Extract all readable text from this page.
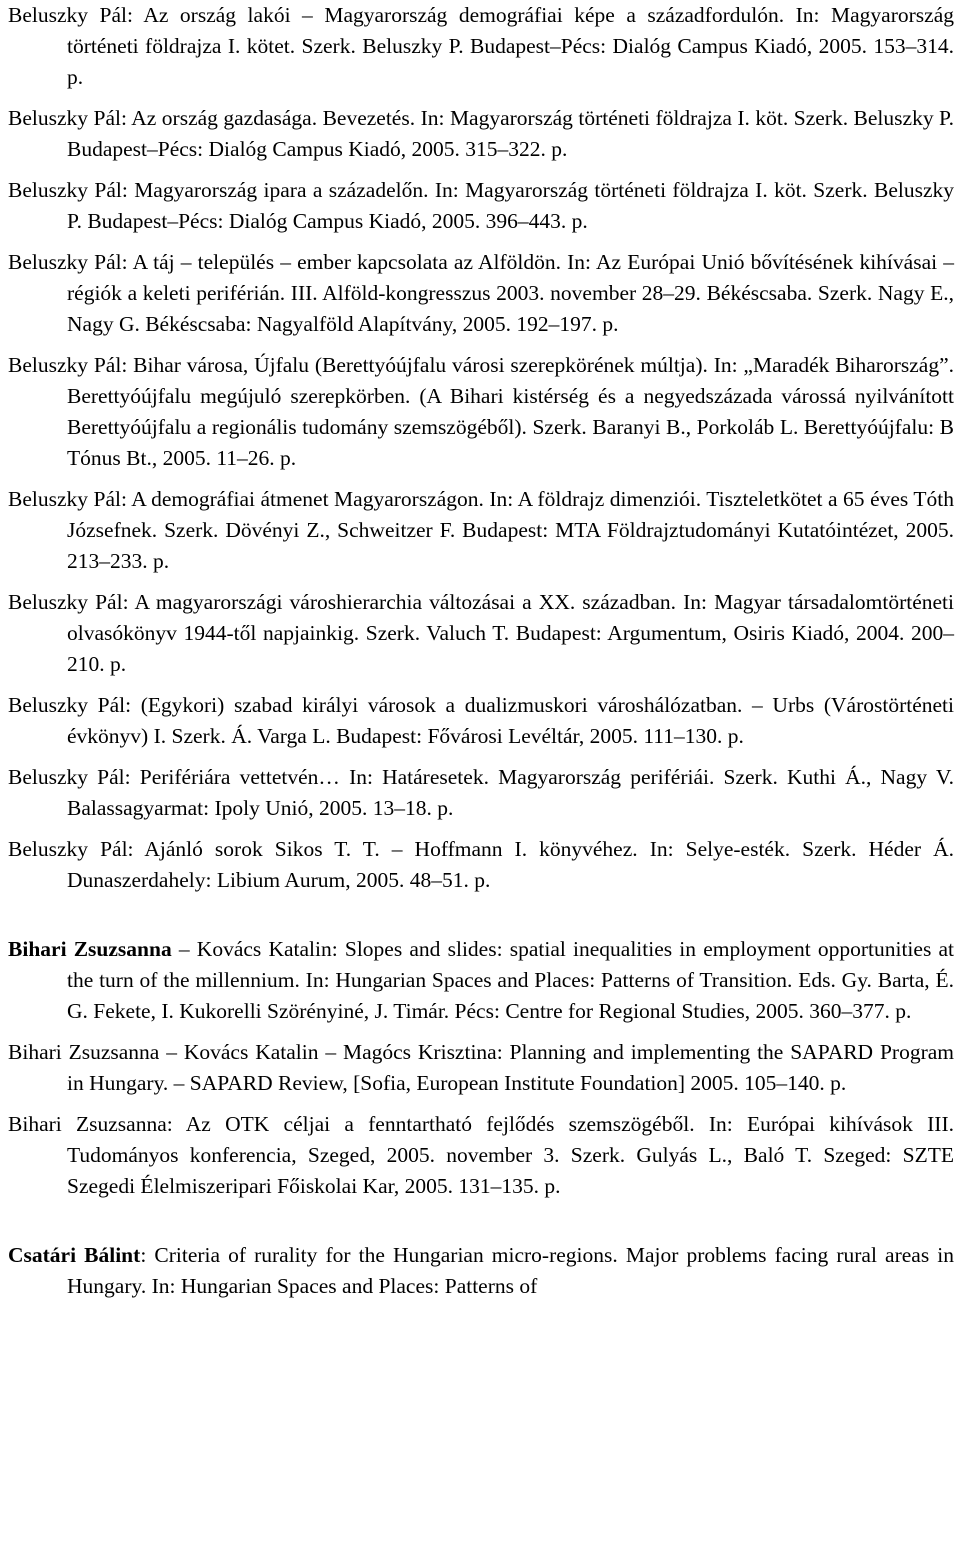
Beluszky Pál: Az ország lakói – Magyarország demográfiai képe a századfordulón. In: Magyarország történeti földrajza I. kötet. Szerk. Beluszky P. Budapest–Pécs: Dialóg Campus Kiadó, 2005. 153–314. p.

Beluszky Pál: Az ország gazdasága. Bevezetés. In: Magyarország történeti földrajza I. köt. Szerk. Beluszky P. Budapest–Pécs: Dialóg Campus Kiadó, 2005. 315–322. p.

Beluszky Pál: Magyarország ipara a századelőn. In: Magyarország történeti földrajza I. köt. Szerk. Beluszky P. Budapest–Pécs: Dialóg Campus Kiadó, 2005. 396–443. p.

Beluszky Pál: A táj – település – ember kapcsolata az Alföldön. In: Az Európai Unió bővítésének kihívásai – régiók a keleti periférián. III. Alföld-kongresszus 2003. november 28–29. Békéscsaba. Szerk. Nagy E., Nagy G. Békéscsaba: Nagyalföld Alapítvány, 2005. 192–197. p.

Beluszky Pál: Bihar városa, Újfalu (Berettyóújfalu városi szerepkörének múltja). In: „Maradék Biharország”. Berettyóújfalu megújuló szerepkörben. (A Bihari kistérség és a negyedszázada várossá nyilvánított Berettyóújfalu a regionális tudomány szemszögéből). Szerk. Baranyi B., Porkoláb L. Berettyóújfalu: B Tónus Bt., 2005. 11–26. p.

Beluszky Pál: A demográfiai átmenet Magyarországon. In: A földrajz dimenziói. Tiszteletkötet a 65 éves Tóth Józsefnek. Szerk. Dövényi Z., Schweitzer F. Budapest: MTA Földrajztudományi Kutatóintézet, 2005. 213–233. p.

Beluszky Pál: A magyarországi városhierarchia változásai a XX. században. In: Magyar társadalomtörténeti olvasókönyv 1944-től napjainkig. Szerk. Valuch T. Budapest: Argumentum, Osiris Kiadó, 2004. 200–210. p.

Beluszky Pál: (Egykori) szabad királyi városok a dualizmuskori városhálózatban. – Urbs (Várostörténeti évkönyv) I. Szerk. Á. Varga L. Budapest: Fővárosi Levéltár, 2005. 111–130. p.

Beluszky Pál: Perifériára vettetvén… In: Határesetek. Magyarország perifériái. Szerk. Kuthi Á., Nagy V. Balassagyarmat: Ipoly Unió, 2005. 13–18. p.

Beluszky Pál: Ajánló sorok Sikos T. T. – Hoffmann I. könyvéhez. In: Selye-esték. Szerk. Héder Á. Dunaszerdahely: Libium Aurum, 2005. 48–51. p.

Bihari Zsuzsanna – Kovács Katalin: Slopes and slides: spatial inequalities in employment opportunities at the turn of the millennium. In: Hungarian Spaces and Places: Patterns of Transition. Eds. Gy. Barta, É. G. Fekete, I. Kukorelli Szörényiné, J. Timár. Pécs: Centre for Regional Studies, 2005. 360–377. p.

Bihari Zsuzsanna – Kovács Katalin – Magócs Krisztina: Planning and implementing the SAPARD Program in Hungary. – SAPARD Review, [Sofia, European Institute Foundation] 2005. 105–140. p.

Bihari Zsuzsanna: Az OTK céljai a fenntartható fejlődés szemszögéből. In: Európai kihívások III. Tudományos konferencia, Szeged, 2005. november 3. Szerk. Gulyás L., Baló T. Szeged: SZTE Szegedi Élelmiszeripari Főiskolai Kar, 2005. 131–135. p.

Csatári Bálint: Criteria of rurality for the Hungarian micro-regions. Major problems facing rural areas in Hungary. In: Hungarian Spaces and Places: Patterns of
